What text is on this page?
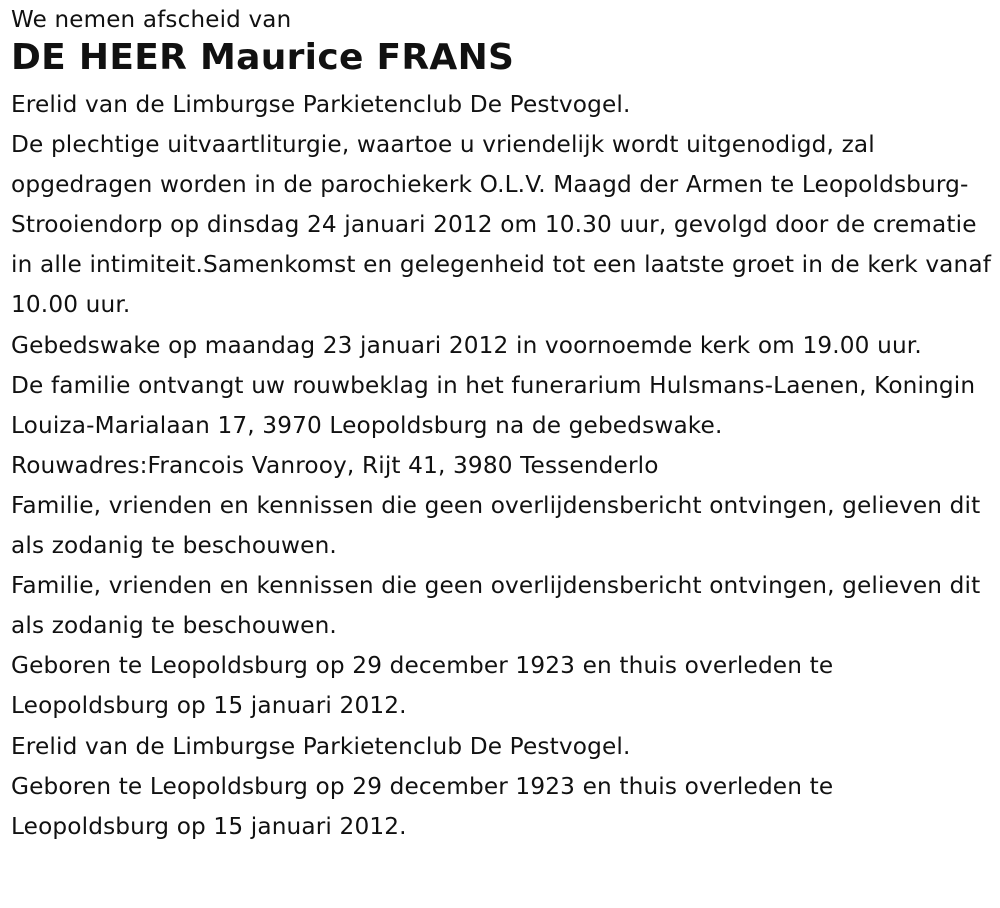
We nemen afscheid van

DE HEER Maurice FRANS

Erelid van de Limburgse Parkietenclub De Pestvogel.

De plechtige uitvaartliturgie, waartoe u vriendelijk wordt uitgenodigd, zal opgedragen worden in de parochiekerk O.L.V. Maagd der Armen te Leopoldsburg-Strooiendorp op dinsdag 24 januari 2012 om 10.30 uur, gevolgd door de crematie in alle intimiteit.Samenkomst en gelegenheid tot een laatste groet in de kerk vanaf 10.00 uur.

Gebedswake op maandag 23 januari 2012 in voornoemde kerk om 19.00 uur.

De familie ontvangt uw rouwbeklag in het funerarium Hulsmans-Laenen, Koningin Louiza-Marialaan 17, 3970 Leopoldsburg na de gebedswake.

Rouwadres:Francois Vanrooy, Rijt 41, 3980 Tessenderlo

Familie, vrienden en kennissen die geen overlijdensbericht ontvingen, gelieven dit als zodanig te beschouwen.

Familie, vrienden en kennissen die geen overlijdensbericht ontvingen, gelieven dit als zodanig te beschouwen.

Geboren te Leopoldsburg op 29 december 1923 en thuis overleden te Leopoldsburg op 15 januari 2012.

Erelid van de Limburgse Parkietenclub De Pestvogel.

Geboren te Leopoldsburg op 29 december 1923 en thuis overleden te Leopoldsburg op 15 januari 2012.
